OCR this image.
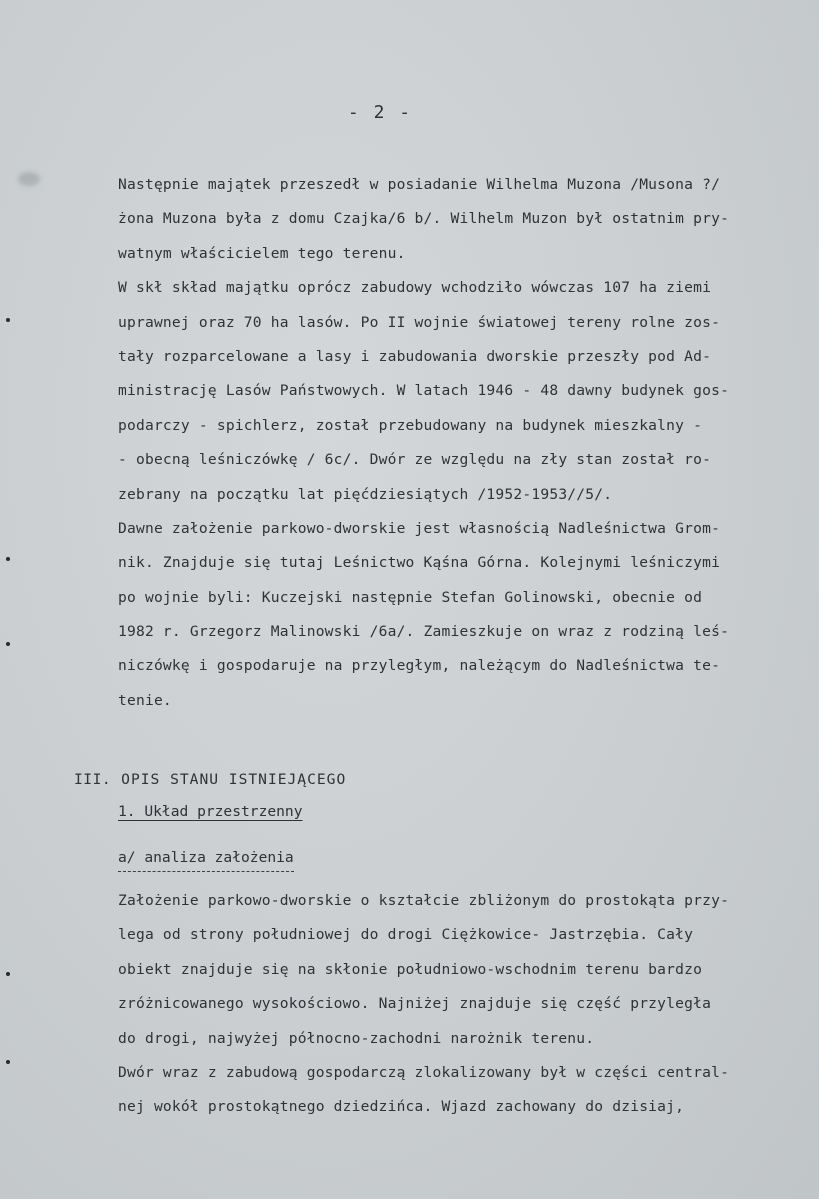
- 2 -
Następnie majątek przeszedł w posiadanie Wilhelma Muzona /Musona ?/
żona Muzona była z domu Czajka/6 b/. Wilhelm Muzon był ostatnim pry-
watnym właścicielem tego terenu.
W skł skład majątku oprócz zabudowy wchodziło wówczas 107 ha ziemi
uprawnej oraz 70 ha lasów. Po II wojnie światowej tereny rolne zos-
tały rozparcelowane a lasy i zabudowania dworskie przeszły pod Ad-
ministrację Lasów Państwowych. W latach 1946 - 48 dawny budynek gos-
podarczy - spichlerz, został przebudowany na budynek mieszkalny -
- obecną leśniczówkę / 6c/. Dwór ze względu na zły stan został ro-
zebrany na początku lat pięćdziesiątych /1952-1953//5/.
Dawne założenie parkowo-dworskie jest własnością Nadleśnictwa Grom-
nik. Znajduje się tutaj Leśnictwo Kąśna Górna. Kolejnymi leśniczymi
po wojnie byli: Kuczejski następnie Stefan Golinowski, obecnie od
1982 r. Grzegorz Malinowski /6a/. Zamieszkuje on wraz z rodziną leś-
niczówkę i gospodaruje na przyległym, należącym do Nadleśnictwa te-
tenie.
III. OPIS STANU ISTNIEJĄCEGO
1. Układ przestrzenny
a/ analiza założenia
Założenie parkowo-dworskie o kształcie zbliżonym do prostokąta przy-
lega od strony południowej do drogi Ciężkowice- Jastrzębia. Cały
obiekt znajduje się na skłonie południowo-wschodnim terenu bardzo
zróżnicowanego wysokościowo. Najniżej znajduje się część przyległa
do drogi, najwyżej północno-zachodni narożnik terenu.
Dwór wraz z zabudową gospodarczą zlokalizowany był w części central-
nej wokół prostokątnego dziedzińca. Wjazd zachowany do dzisiaj,
